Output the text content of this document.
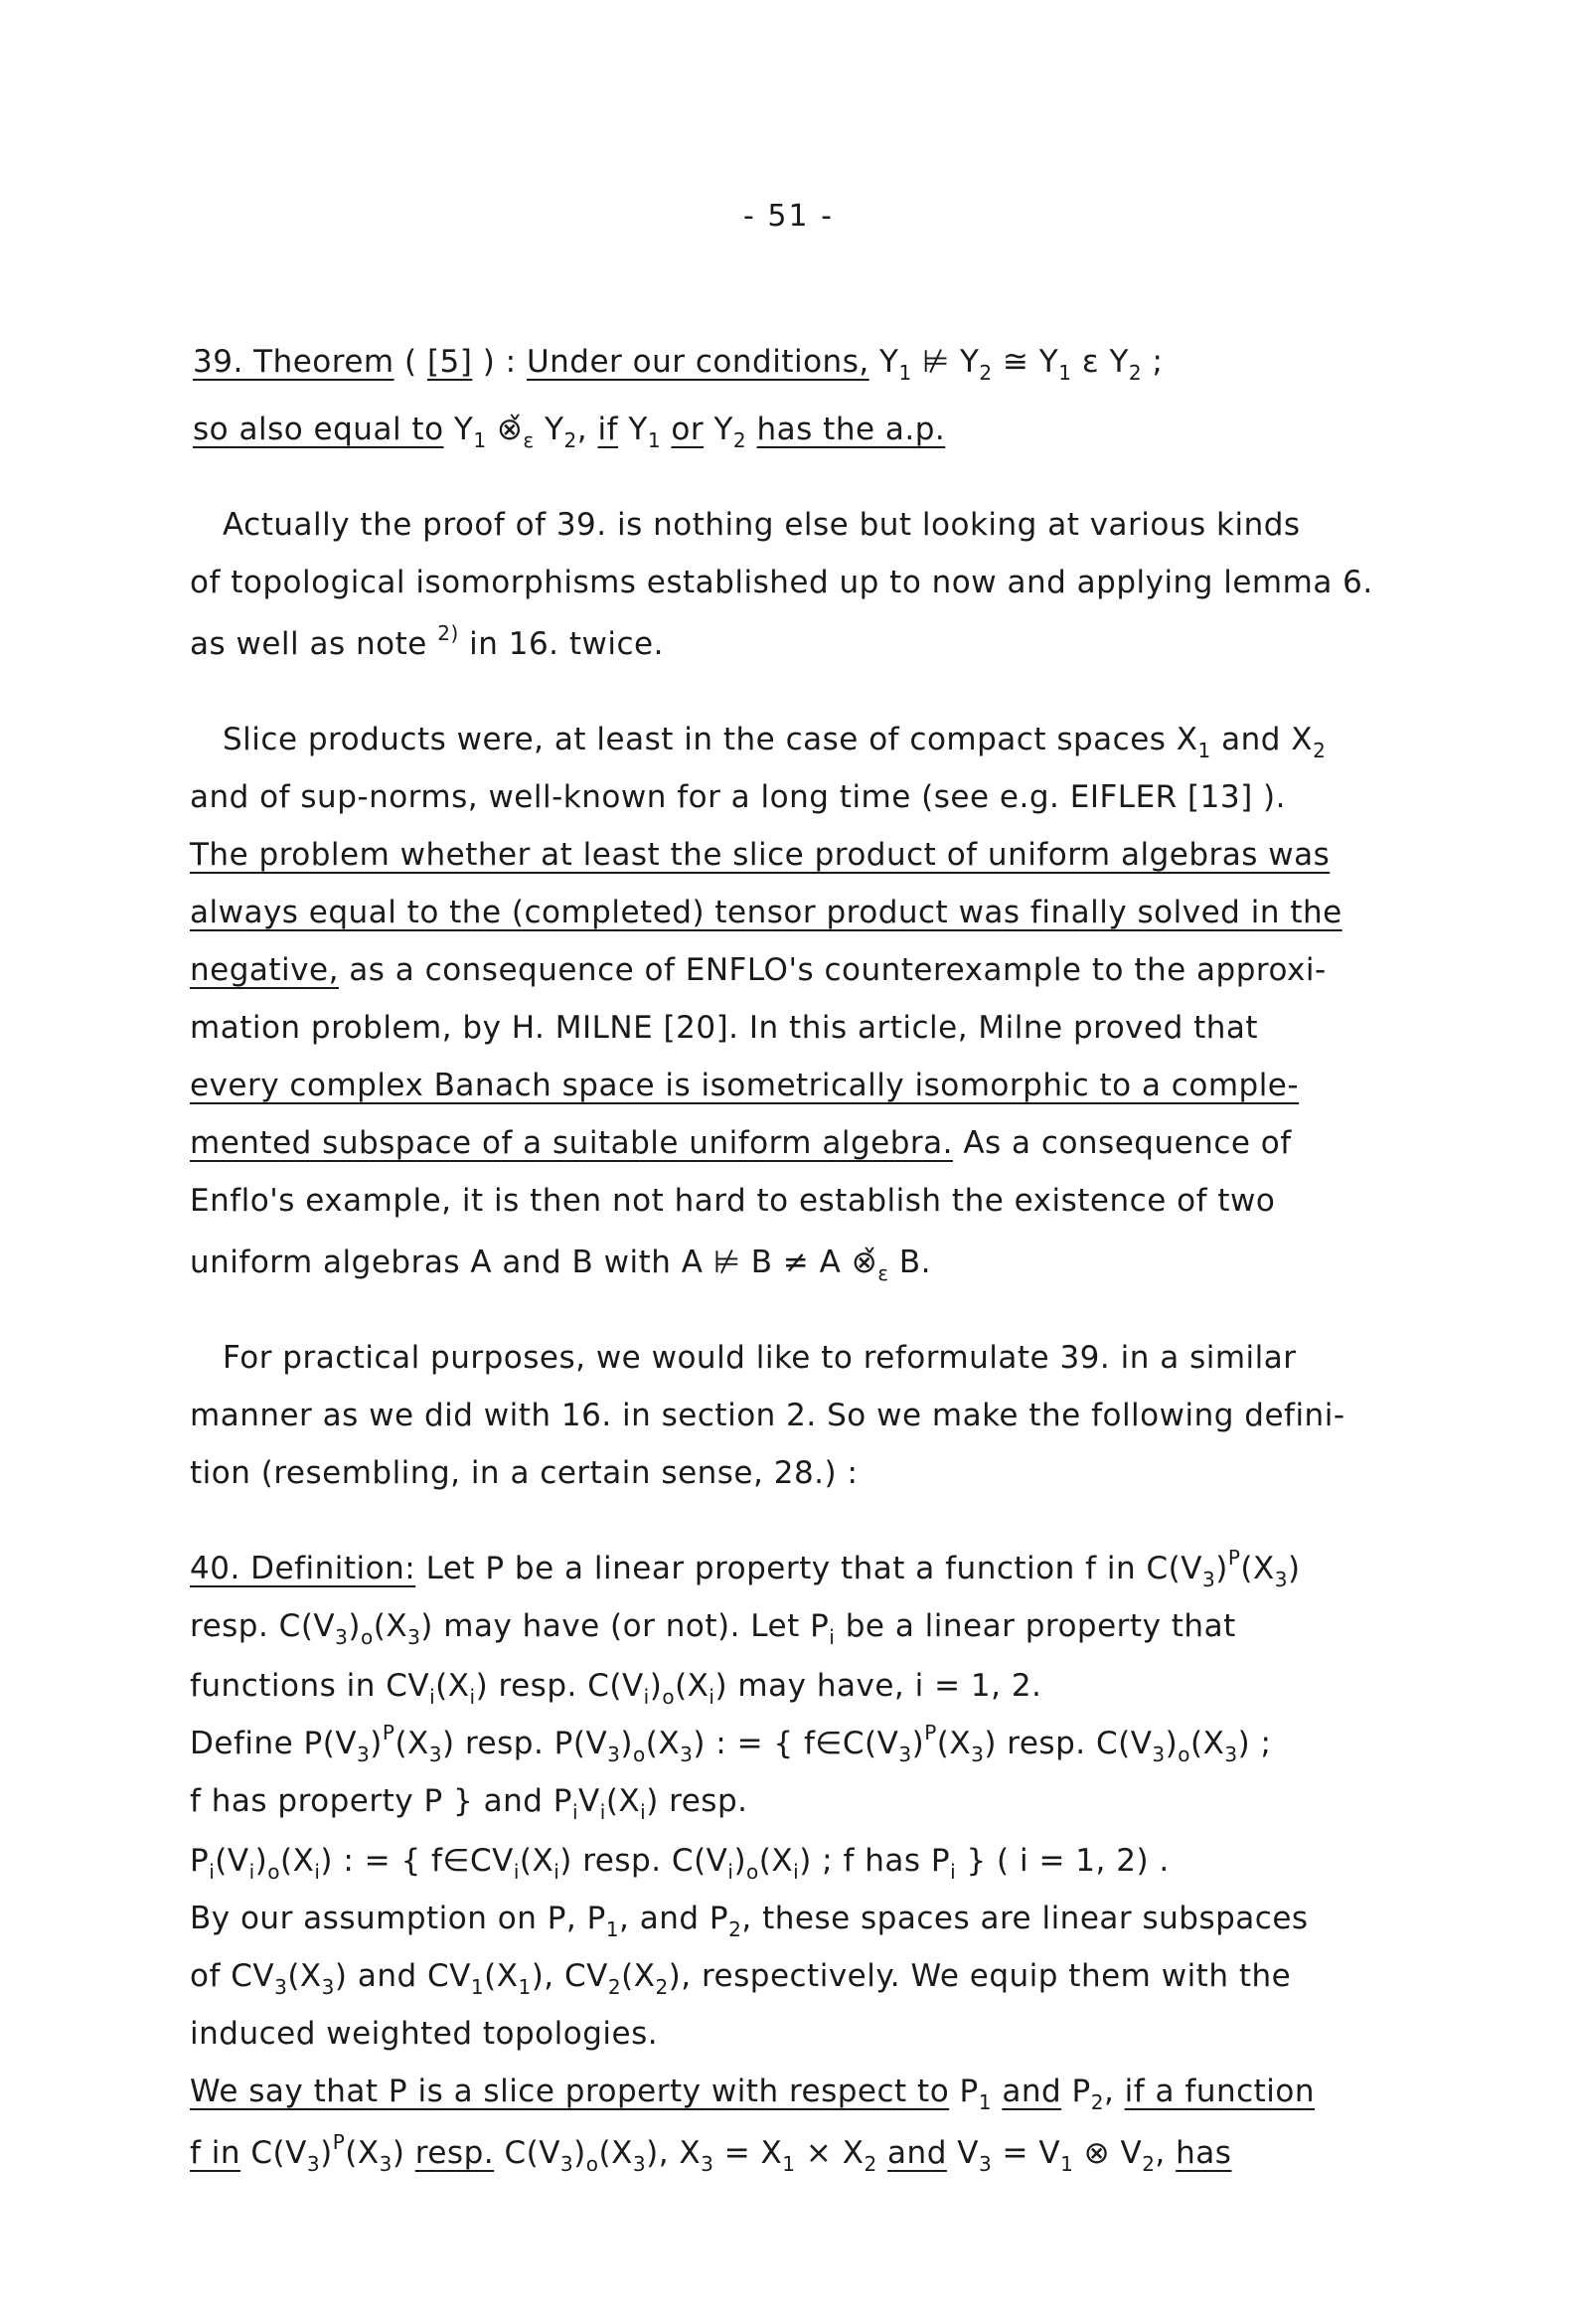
- 51 -
39. Theorem ( [5] ) : Under our conditions, $Y_1$ ⊭ $Y_2$ ≅ $Y_1$ ε $Y_2$ ;
so also equal to $Y_1$ $\otimeš_\varepsilon$ $Y_2$, if $Y_1$ or $Y_2$ has the a.p.
Actually the proof of 39. is nothing else but looking at various kinds
of topological isomorphisms established up to now and applying lemma 6.
as well as note $^{2)}$ in 16. twice.
Slice products were, at least in the case of compact spaces $X_1$ and $X_2$
and of sup-norms, well-known for a long time (see e.g. EIFLER [13] ).
The problem whether at least the slice product of uniform algebras was
always equal to the (completed) tensor product was finally solved in the
negative, as a consequence of ENFLO's counterexample to the approxi-
mation problem, by H. MILNE [20]. In this article, Milne proved that
every complex Banach space is isometrically isomorphic to a comple-
mented subspace of a suitable uniform algebra. As a consequence of
Enflo's example, it is then not hard to establish the existence of two
uniform algebras A and B with A ⊭ B ≠ A $\otimeš_\varepsilon$ B.
For practical purposes, we would like to reformulate 39. in a similar
manner as we did with 16. in section 2. So we make the following defini-
tion (resembling, in a certain sense, 28.) :
40. Definition: Let P be a linear property that a function f in $C(V_3)^P(X_3)$
resp. $C(V_3)_o(X_3)$ may have (or not). Let $P_i$ be a linear property that
functions in $CV_i(X_i)$ resp. $C(V_i)_o(X_i)$ may have, i = 1, 2.
Define $P(V_3)^P(X_3)$ resp. $P(V_3)_o(X_3)$ : = { $f\in C(V_3)^P(X_3)$ resp. $C(V_3)_o(X_3)$ ;
f has property P } and $P_iV_i(X_i)$ resp.
$P_i(V_i)_o(X_i)$ : = { $f\in CV_i(X_i)$ resp. $C(V_i)_o(X_i)$ ; f has $P_i$ } ( i = 1, 2) .
By our assumption on P, $P_1$, and $P_2$, these spaces are linear subspaces
of $CV_3(X_3)$ and $CV_1(X_1)$, $CV_2(X_2)$, respectively. We equip them with the
induced weighted topologies.
We say that P is a slice property with respect to $P_1$ and $P_2$, if a function
f in $C(V_3)^P(X_3)$ resp. $C(V_3)_o(X_3)$, $X_3 = X_1 \times X_2$ and $V_3 = V_1$ ⊗ $V_2$, has
